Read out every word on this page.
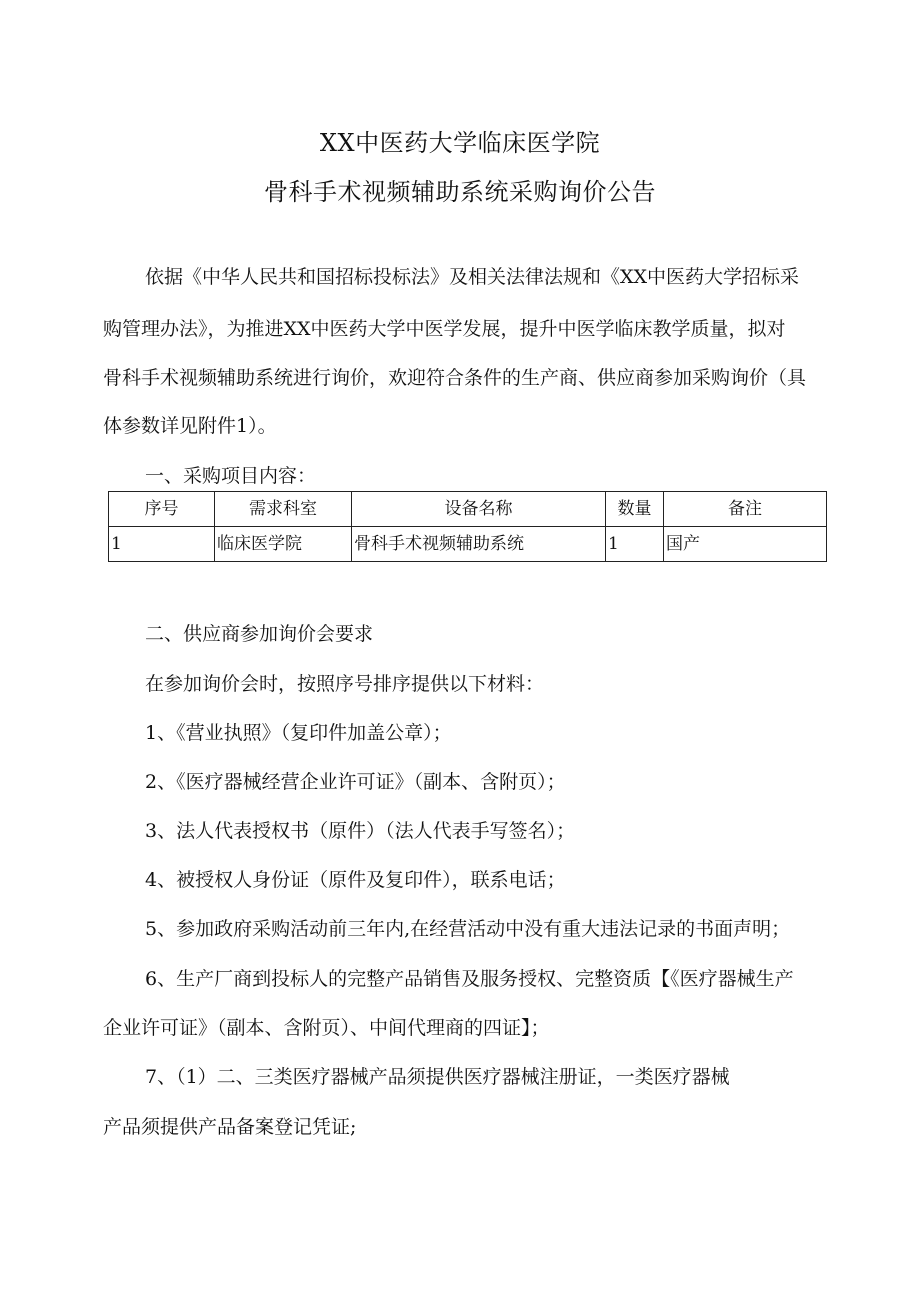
XX中医药大学临床医学院
骨科手术视频辅助系统采购询价公告
依据《中华人民共和国招标投标法》及相关法律法规和《XX中医药大学招标采
购管理办法》，为推进XX中医药大学中医学发展，提升中医学临床教学质量，拟对
骨科手术视频辅助系统进行询价，欢迎符合条件的生产商、供应商参加采购询价（具
体参数详见附件1）。
一、采购项目内容：
序号	需求科室	设备名称	数量	备注
1	临床医学院	骨科手术视频辅助系统	1	国产
二、供应商参加询价会要求
在参加询价会时，按照序号排序提供以下材料：
1、《营业执照》（复印件加盖公章）；
2、《医疗器械经营企业许可证》（副本、含附页）；
3、法人代表授权书（原件）（法人代表手写签名）；
4、被授权人身份证（原件及复印件），联系电话；
5、参加政府采购活动前三年内,在经营活动中没有重大违法记录的书面声明；
6、生产厂商到投标人的完整产品销售及服务授权、完整资质【《医疗器械生产
企业许可证》（副本、含附页）、中间代理商的四证】；
7、（1）二、三类医疗器械产品须提供医疗器械注册证，一类医疗器械
产品须提供产品备案登记凭证;
